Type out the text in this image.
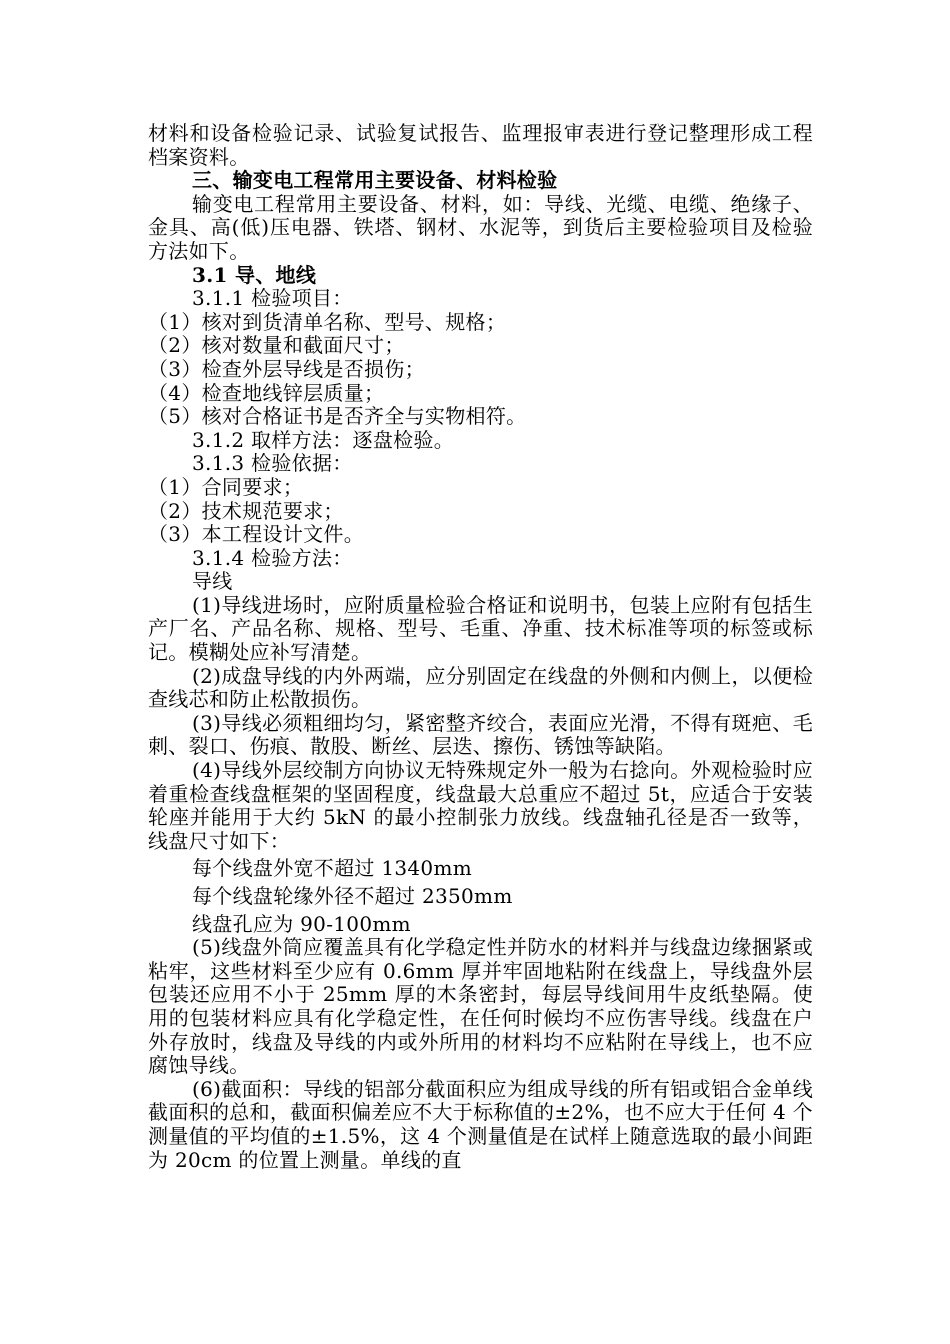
材料和设备检验记录、试验复试报告、监理报审表进行登记整理形成工程档案资料。

三、输变电工程常用主要设备、材料检验

输变电工程常用主要设备、材料，如：导线、光缆、电缆、绝缘子、金具、高(低)压电器、铁塔、钢材、水泥等，到货后主要检验项目及检验方法如下。

3.1 导、地线

3.1.1 检验项目：

（1）核对到货清单名称、型号、规格；

（2）核对数量和截面尺寸；

（3）检查外层导线是否损伤；

（4）检查地线锌层质量；

（5）核对合格证书是否齐全与实物相符。

3.1.2 取样方法：逐盘检验。

3.1.3 检验依据：

（1）合同要求；

（2）技术规范要求；

（3）本工程设计文件。

3.1.4 检验方法：

导线

(1)导线进场时，应附质量检验合格证和说明书，包装上应附有包括生产厂名、产品名称、规格、型号、毛重、净重、技术标准等项的标签或标记。模糊处应补写清楚。

(2)成盘导线的内外两端，应分别固定在线盘的外侧和内侧上，以便检查线芯和防止松散损伤。

(3)导线必须粗细均匀，紧密整齐绞合，表面应光滑，不得有斑疤、毛刺、裂口、伤痕、散股、断丝、层迭、擦伤、锈蚀等缺陷。

(4)导线外层绞制方向协议无特殊规定外一般为右捻向。外观检验时应着重检查线盘框架的坚固程度，线盘最大总重应不超过 5t，应适合于安装轮座并能用于大约 5kN 的最小控制张力放线。线盘轴孔径是否一致等，线盘尺寸如下：

每个线盘外宽不超过 1340mm

每个线盘轮缘外径不超过 2350mm

线盘孔应为 90-100mm

(5)线盘外筒应覆盖具有化学稳定性并防水的材料并与线盘边缘捆紧或粘牢，这些材料至少应有 0.6mm 厚并牢固地粘附在线盘上，导线盘外层包装还应用不小于 25mm 厚的木条密封，每层导线间用牛皮纸垫隔。使用的包装材料应具有化学稳定性，在任何时候均不应伤害导线。线盘在户外存放时，线盘及导线的内或外所用的材料均不应粘附在导线上，也不应腐蚀导线。

(6)截面积：导线的铝部分截面积应为组成导线的所有铝或铝合金单线截面积的总和，截面积偏差应不大于标称值的±2%，也不应大于任何 4 个测量值的平均值的±1.5%，这 4 个测量值是在试样上随意选取的最小间距为 20cm 的位置上测量。单线的直
